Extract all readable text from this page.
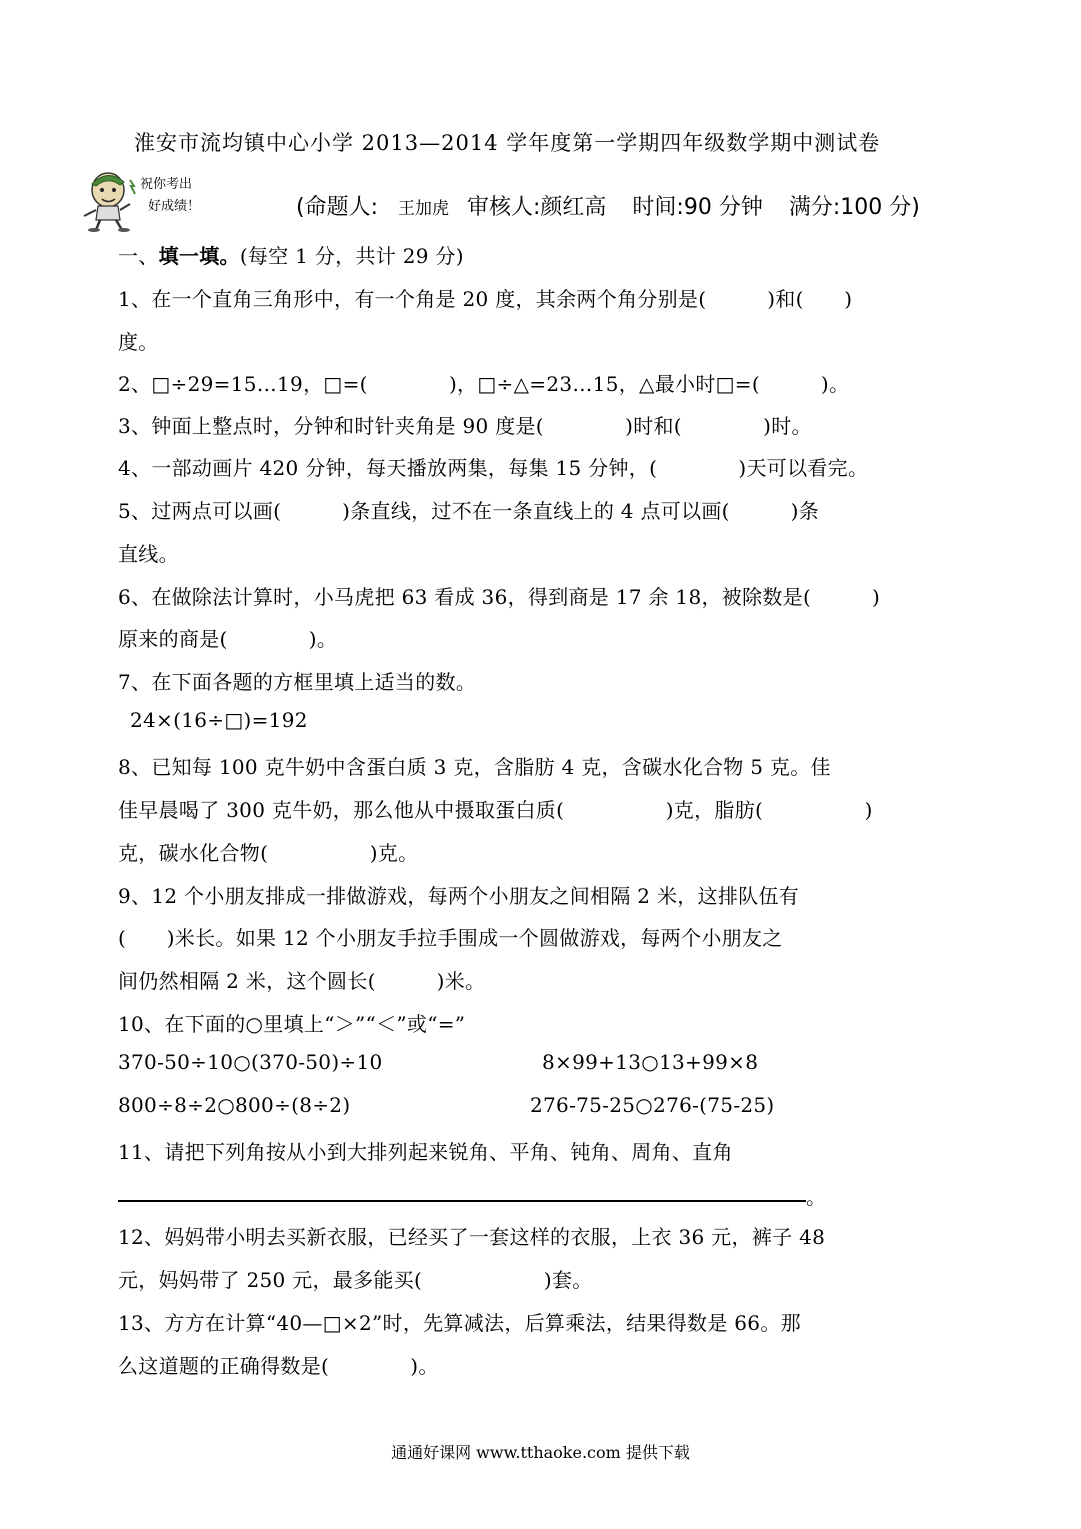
淮安市流均镇中心小学 2013—2014 学年度第一学期四年级数学期中测试卷
祝你考出
好成绩！	(命题人: 王加虎 审核人:颜红高 时间:90 分钟 满分:100 分)
一、填一填。(每空 1 分，共计 29 分)
1、在一个直角三角形中，有一个角是 20 度，其余两个角分别是(　　　)和(　　)
度。
2、□÷29=15…19，□=(　　　　)，□÷△=23…15，△最小时□=(　　　)。
3、钟面上整点时，分钟和时针夹角是 90 度是(　　　　)时和(　　　　)时。
4、一部动画片 420 分钟，每天播放两集，每集 15 分钟，(　　　　)天可以看完。
5、过两点可以画(　　　)条直线，过不在一条直线上的 4 点可以画(　　　)条
直线。
6、在做除法计算时，小马虎把 63 看成 36，得到商是 17 余 18，被除数是(　　　)
原来的商是(　　　　)。
7、在下面各题的方框里填上适当的数。
24×(16÷□)=192
8、已知每 100 克牛奶中含蛋白质 3 克，含脂肪 4 克，含碳水化合物 5 克。佳
佳早晨喝了 300 克牛奶，那么他从中摄取蛋白质(　　　　　)克，脂肪(　　　　　)
克，碳水化合物(　　　　　)克。
9、12 个小朋友排成一排做游戏，每两个小朋友之间相隔 2 米，这排队伍有
(　　)米长。如果 12 个小朋友手拉手围成一个圆做游戏，每两个小朋友之
间仍然相隔 2 米，这个圆长(　　　)米。
10、在下面的○里填上“＞”“＜”或“=”
370-50÷10○(370-50)÷10	8×99+13○13+99×8
800÷8÷2○800÷(8÷2)	276-75-25○276-(75-25)
11、请把下列角按从小到大排列起来锐角、平角、钝角、周角、直角
。
12、妈妈带小明去买新衣服，已经买了一套这样的衣服，上衣 36 元，裤子 48
元，妈妈带了 250 元，最多能买(　　　　　　)套。
13、方方在计算“40—□×2”时，先算减法，后算乘法，结果得数是 66。那
么这道题的正确得数是(　　　　)。
通通好课网 www.tthaoke.com 提供下载
